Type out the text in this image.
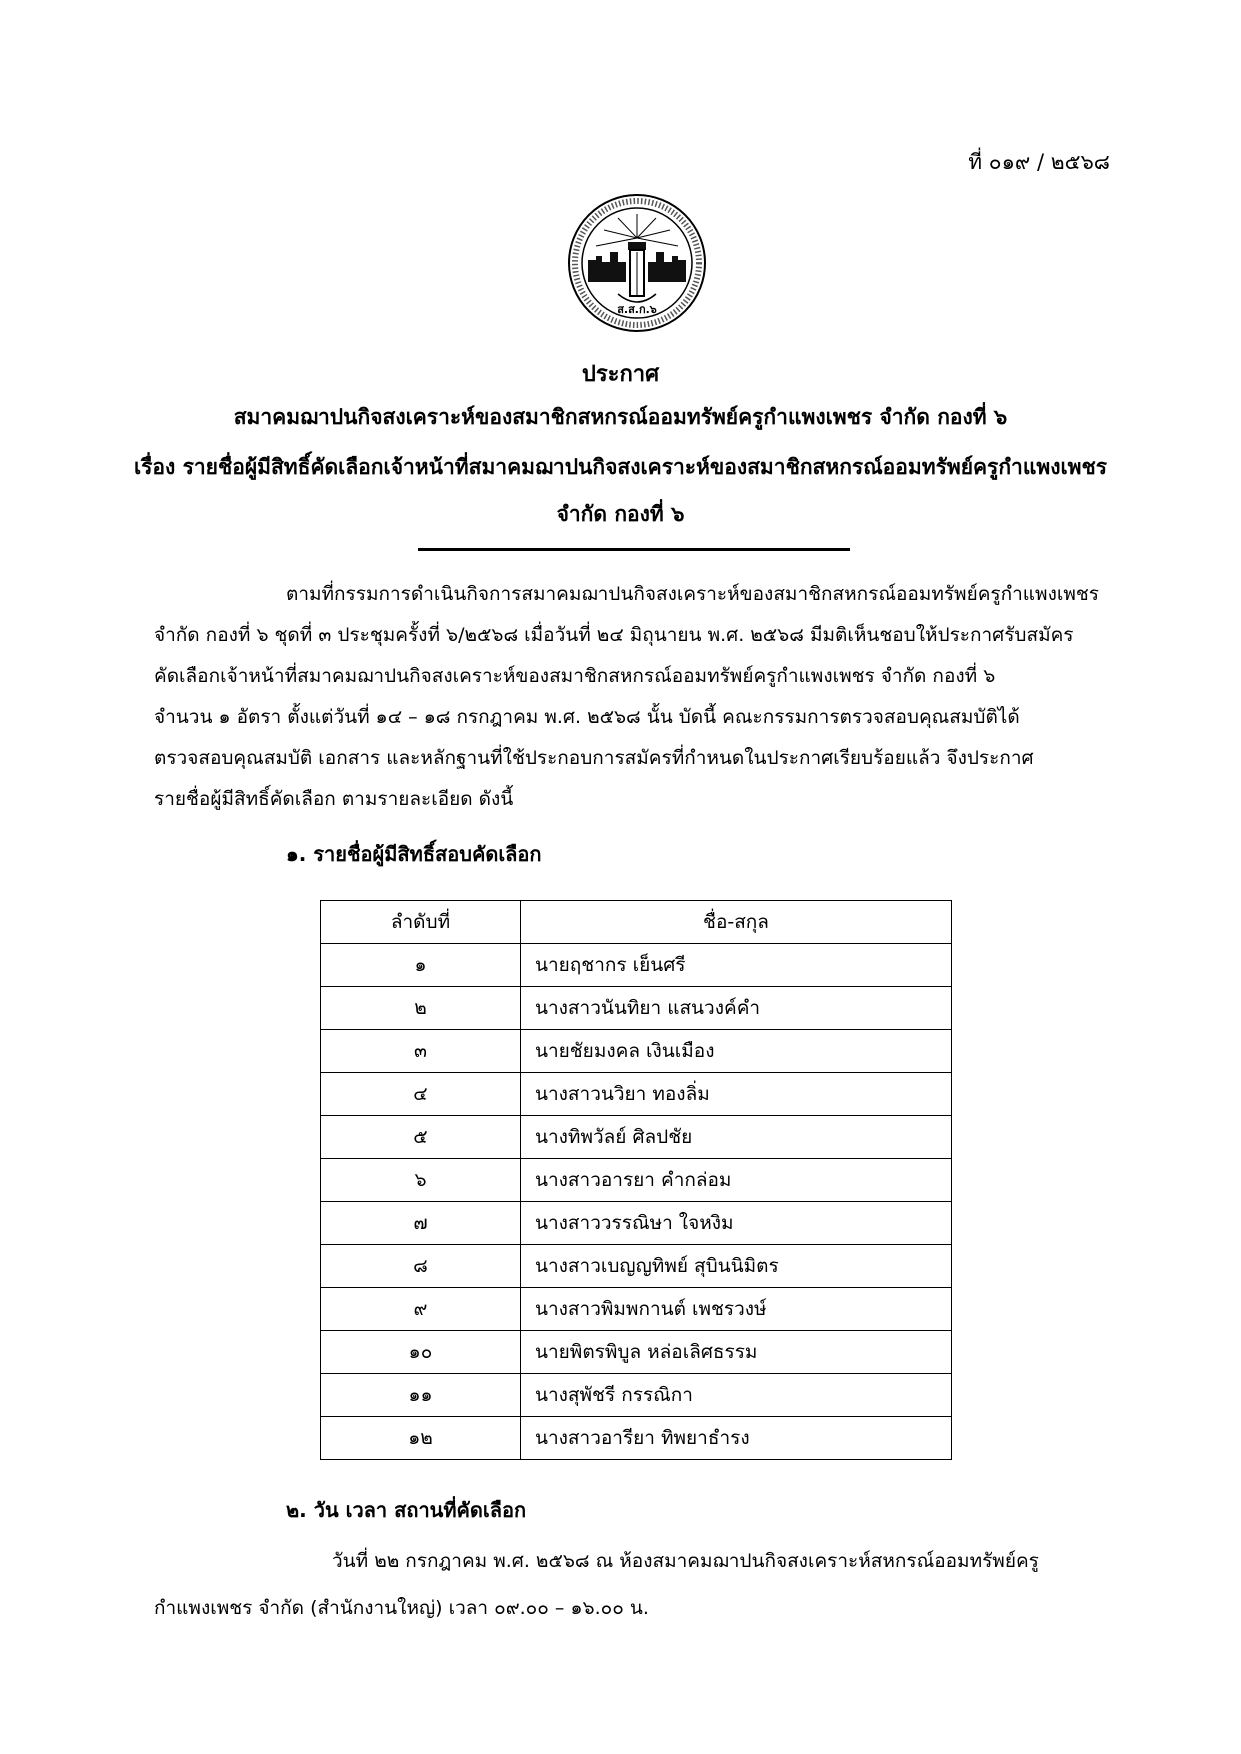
ที่ ๐๑๙ / ๒๕๖๘
ส.ส.ก.๖
ประกาศ
สมาคมฌาปนกิจสงเคราะห์ของสมาชิกสหกรณ์ออมทรัพย์ครูกำแพงเพชร จำกัด กองที่ ๖
เรื่อง รายชื่อผู้มีสิทธิ์คัดเลือกเจ้าหน้าที่สมาคมฌาปนกิจสงเคราะห์ของสมาชิกสหกรณ์ออมทรัพย์ครูกำแพงเพชร
จำกัด กองที่ ๖
ตามที่กรรมการดำเนินกิจการสมาคมฌาปนกิจสงเคราะห์ของสมาชิกสหกรณ์ออมทรัพย์ครูกำแพงเพชร
จำกัด กองที่ ๖ ชุดที่ ๓ ประชุมครั้งที่ ๖/๒๕๖๘ เมื่อวันที่ ๒๔ มิถุนายน พ.ศ. ๒๕๖๘ มีมติเห็นชอบให้ประกาศรับสมัคร
คัดเลือกเจ้าหน้าที่สมาคมฌาปนกิจสงเคราะห์ของสมาชิกสหกรณ์ออมทรัพย์ครูกำแพงเพชร จำกัด กองที่ ๖
จำนวน ๑ อัตรา ตั้งแต่วันที่ ๑๔ – ๑๘ กรกฎาคม พ.ศ. ๒๕๖๘ นั้น บัดนี้ คณะกรรมการตรวจสอบคุณสมบัติได้
ตรวจสอบคุณสมบัติ เอกสาร และหลักฐานที่ใช้ประกอบการสมัครที่กำหนดในประกาศเรียบร้อยแล้ว จึงประกาศ
รายชื่อผู้มีสิทธิ์คัดเลือก ตามรายละเอียด ดังนี้
๑. รายชื่อผู้มีสิทธิ์สอบคัดเลือก
ลำดับที่	ชื่อ-สกุล
๑	นายฤชากร เย็นศรี
๒	นางสาวนันทิยา แสนวงค์คำ
๓	นายชัยมงคล เงินเมือง
๔	นางสาวนวิยา ทองลิ่ม
๕	นางทิพวัลย์ ศิลปชัย
๖	นางสาวอารยา คำกล่อม
๗	นางสาววรรณิษา ใจหงิม
๘	นางสาวเบญญทิพย์ สุบินนิมิตร
๙	นางสาวพิมพกานต์ เพชรวงษ์
๑๐	นายพิตรพิบูล หล่อเลิศธรรม
๑๑	นางสุพัชรี กรรณิกา
๑๒	นางสาวอารียา ทิพยาธำรง
๒. วัน เวลา สถานที่คัดเลือก
วันที่ ๒๒ กรกฎาคม พ.ศ. ๒๕๖๘ ณ ห้องสมาคมฌาปนกิจสงเคราะห์สหกรณ์ออมทรัพย์ครู
กำแพงเพชร จำกัด (สำนักงานใหญ่) เวลา ๐๙.๐๐ – ๑๖.๐๐ น.
